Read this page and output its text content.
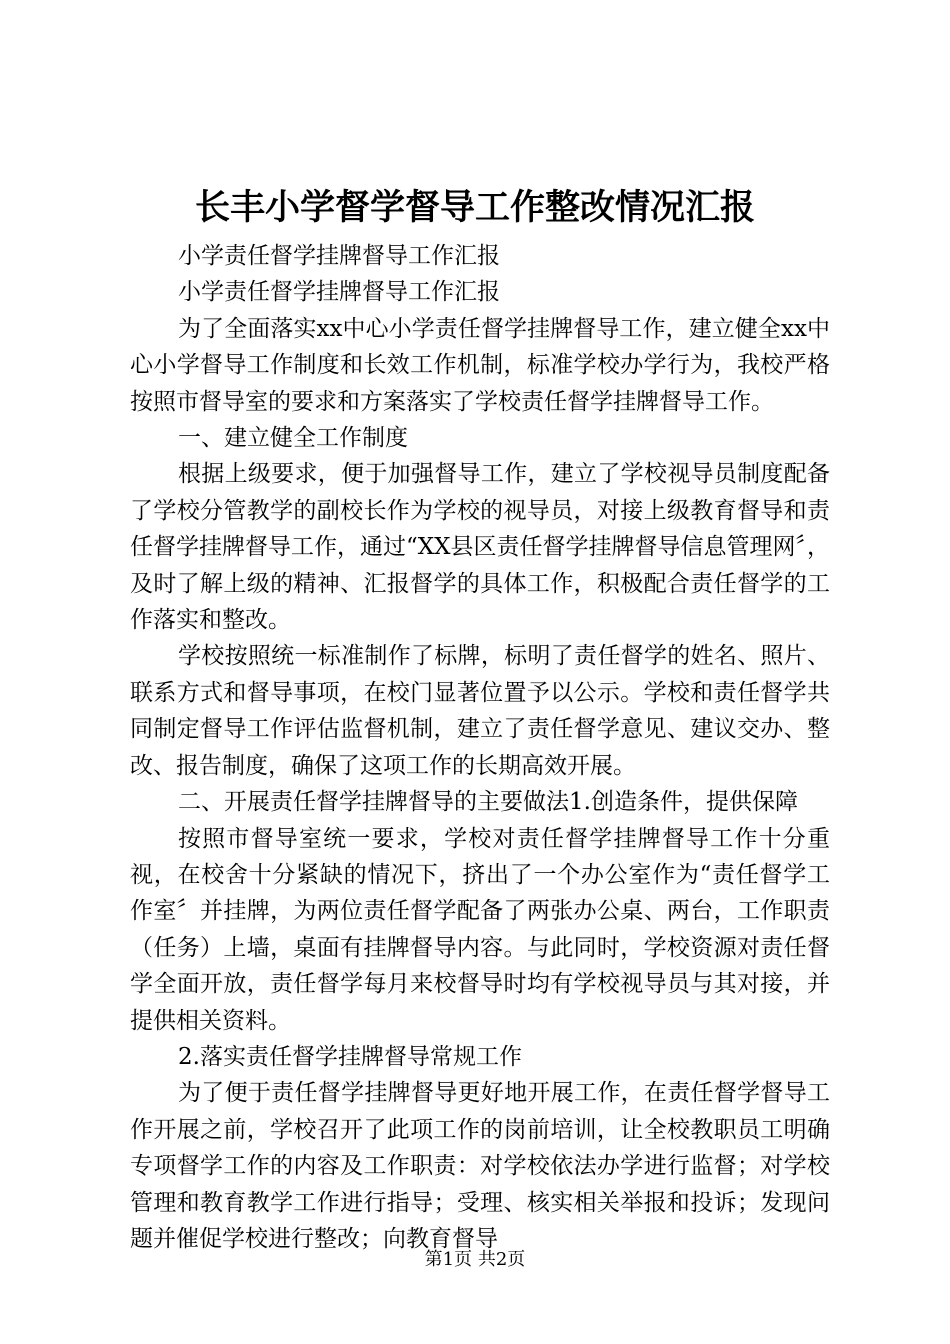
长丰小学督学督导工作整改情况汇报

小学责任督学挂牌督导工作汇报

小学责任督学挂牌督导工作汇报

为了全面落实xx中心小学责任督学挂牌督导工作，建立健全xx中心小学督导工作制度和长效工作机制，标准学校办学行为，我校严格按照市督导室的要求和方案落实了学校责任督学挂牌督导工作。

一、建立健全工作制度

根据上级要求，便于加强督导工作，建立了学校视导员制度配备了学校分管教学的副校长作为学校的视导员，对接上级教育督导和责任督学挂牌督导工作，通过“XX县区责任督学挂牌督导信息管理网〞，及时了解上级的精神、汇报督学的具体工作，积极配合责任督学的工作落实和整改。

学校按照统一标准制作了标牌，标明了责任督学的姓名、照片、联系方式和督导事项，在校门显著位置予以公示。学校和责任督学共同制定督导工作评估监督机制，建立了责任督学意见、建议交办、整改、报告制度，确保了这项工作的长期高效开展。

二、开展责任督学挂牌督导的主要做法1.创造条件，提供保障

按照市督导室统一要求，学校对责任督学挂牌督导工作十分重视，在校舍十分紧缺的情况下，挤出了一个办公室作为“责任督学工作室〞并挂牌，为两位责任督学配备了两张办公桌、两台，工作职责（任务）上墙，桌面有挂牌督导内容。与此同时，学校资源对责任督学全面开放，责任督学每月来校督导时均有学校视导员与其对接，并提供相关资料。

2.落实责任督学挂牌督导常规工作

为了便于责任督学挂牌督导更好地开展工作，在责任督学督导工作开展之前，学校召开了此项工作的岗前培训，让全校教职员工明确专项督学工作的内容及工作职责：对学校依法办学进行监督；对学校管理和教育教学工作进行指导；受理、核实相关举报和投诉；发现问题并催促学校进行整改；向教育督导

第1页 共2页
